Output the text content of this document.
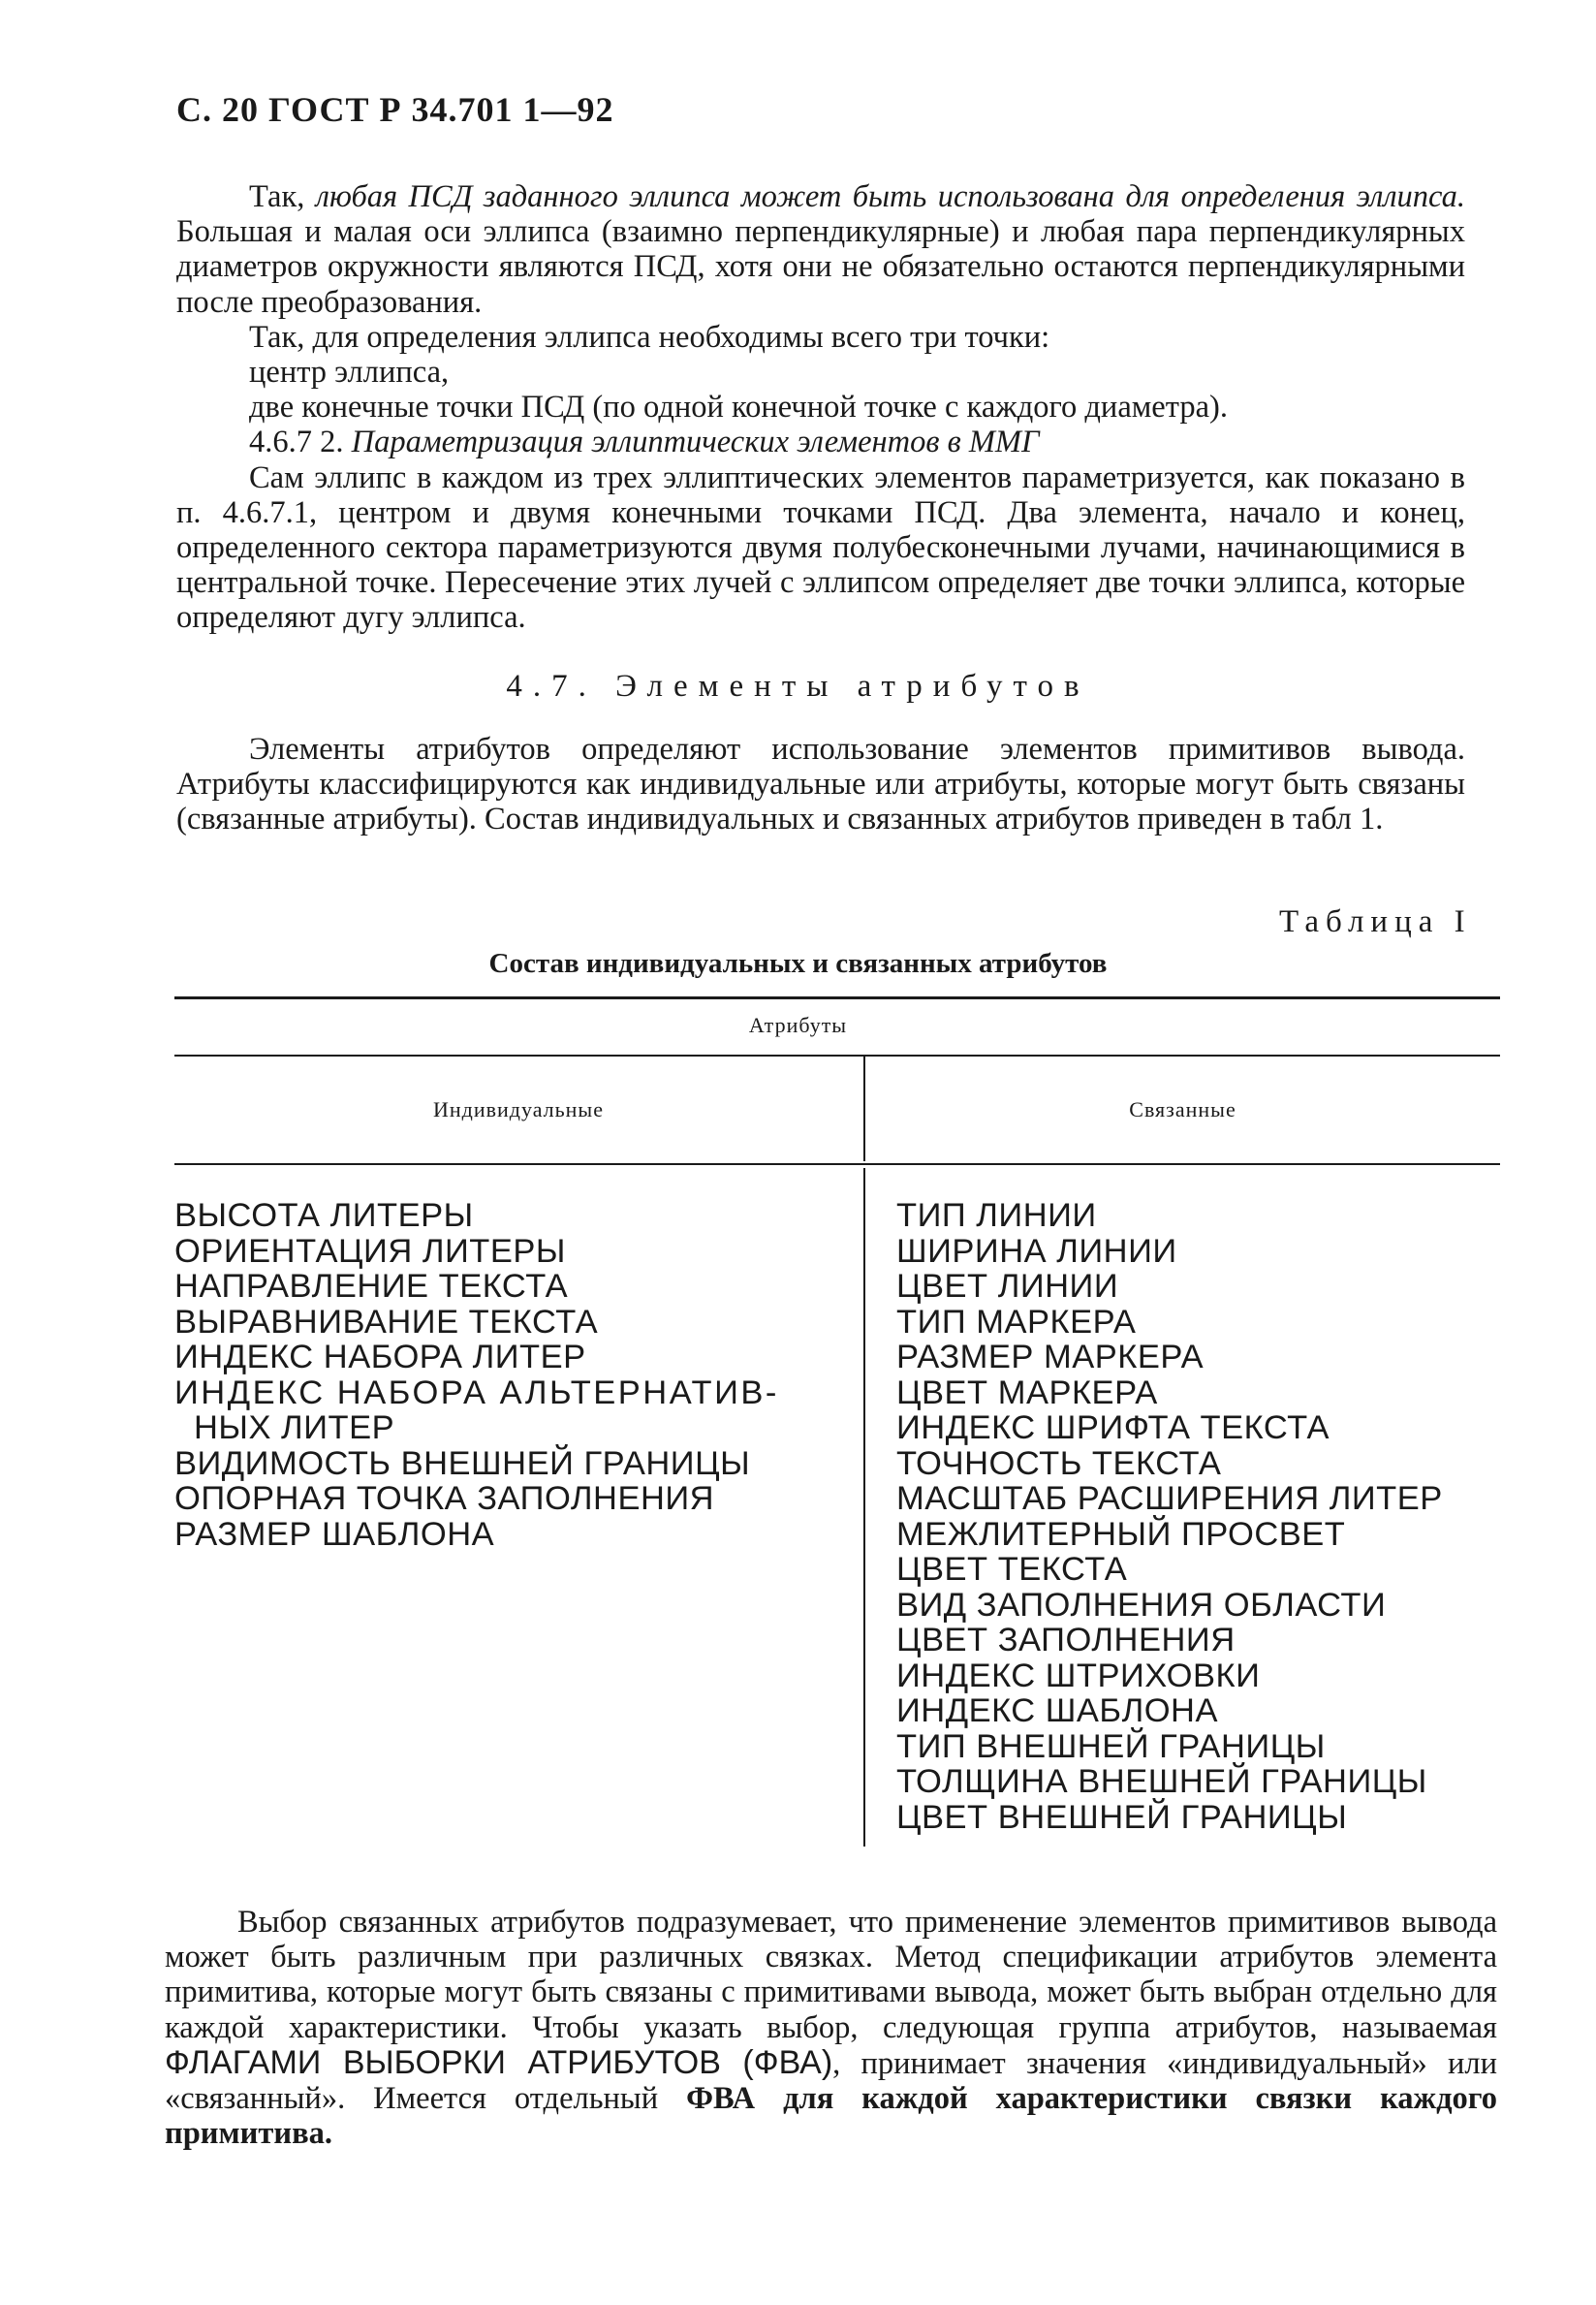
С. 20 ГОСТ Р 34.701 1—92

Так, любая ПСД заданного эллипса может быть использована для определения эллипса. Большая и малая оси эллипса (взаимно перпендикулярные) и любая пара перпендикулярных диаметров окружности являются ПСД, хотя они не обязательно остаются перпендикулярными после преобразования.

Так, для определения эллипса необходимы всего три точки:

центр эллипса,

две конечные точки ПСД (по одной конечной точке с каждого диаметра).

4.6.7 2. Параметризация эллиптических элементов в ММГ

Сам эллипс в каждом из трех эллиптических элементов параметризуется, как показано в п. 4.6.7.1, центром и двумя конечными точками ПСД. Два элемента, начало и конец, определенного сектора параметризуются двумя полубесконечными лучами, начинающимися в центральной точке. Пересечение этих лучей с эллипсом определяет две точки эллипса, которые определяют дугу эллипса.

4.7. Элементы атрибутов

Элементы атрибутов определяют использование элементов примитивов вывода. Атрибуты классифицируются как индивидуальные или атрибуты, которые могут быть связаны (связанные атрибуты). Состав индивидуальных и связанных атрибутов приведен в табл 1.

Таблица I
Состав индивидуальных и связанных атрибутов
Атрибуты
Индивидуальные	Связанные
ВЫСОТА ЛИТЕРЫ
ОРИЕНТАЦИЯ ЛИТЕРЫ
НАПРАВЛЕНИЕ ТЕКСТА
ВЫРАВНИВАНИЕ ТЕКСТА
ИНДЕКС НАБОРА ЛИТЕР
ИНДЕКС НАБОРА АЛЬТЕРНАТИВ-
НЫХ ЛИТЕР
ВИДИМОСТЬ ВНЕШНЕЙ ГРАНИЦЫ
ОПОРНАЯ ТОЧКА ЗАПОЛНЕНИЯ
РАЗМЕР ШАБЛОНА
ТИП ЛИНИИ
ШИРИНА ЛИНИИ
ЦВЕТ ЛИНИИ
ТИП МАРКЕРА
РАЗМЕР МАРКЕРА
ЦВЕТ МАРКЕРА
ИНДЕКС ШРИФТА ТЕКСТА
ТОЧНОСТЬ ТЕКСТА
МАСШТАБ РАСШИРЕНИЯ ЛИТЕР
МЕЖЛИТЕРНЫЙ ПРОСВЕТ
ЦВЕТ ТЕКСТА
ВИД ЗАПОЛНЕНИЯ ОБЛАСТИ
ЦВЕТ ЗАПОЛНЕНИЯ
ИНДЕКС ШТРИХОВКИ
ИНДЕКС ШАБЛОНА
ТИП ВНЕШНЕЙ ГРАНИЦЫ
ТОЛЩИНА ВНЕШНЕЙ ГРАНИЦЫ
ЦВЕТ ВНЕШНЕЙ ГРАНИЦЫ

Выбор связанных атрибутов подразумевает, что применение элементов примитивов вывода может быть различным при различных связках. Метод спецификации атрибутов элемента примитива, которые могут быть связаны с примитивами вывода, может быть выбран отдельно для каждой характеристики. Чтобы указать выбор, следующая группа атрибутов, называемая ФЛАГАМИ ВЫБОРКИ АТРИБУТОВ (ФВА), принимает значения «индивидуальный» или «связанный». Имеется отдельный ФВА для каждой характеристики связки каждого примитива.
